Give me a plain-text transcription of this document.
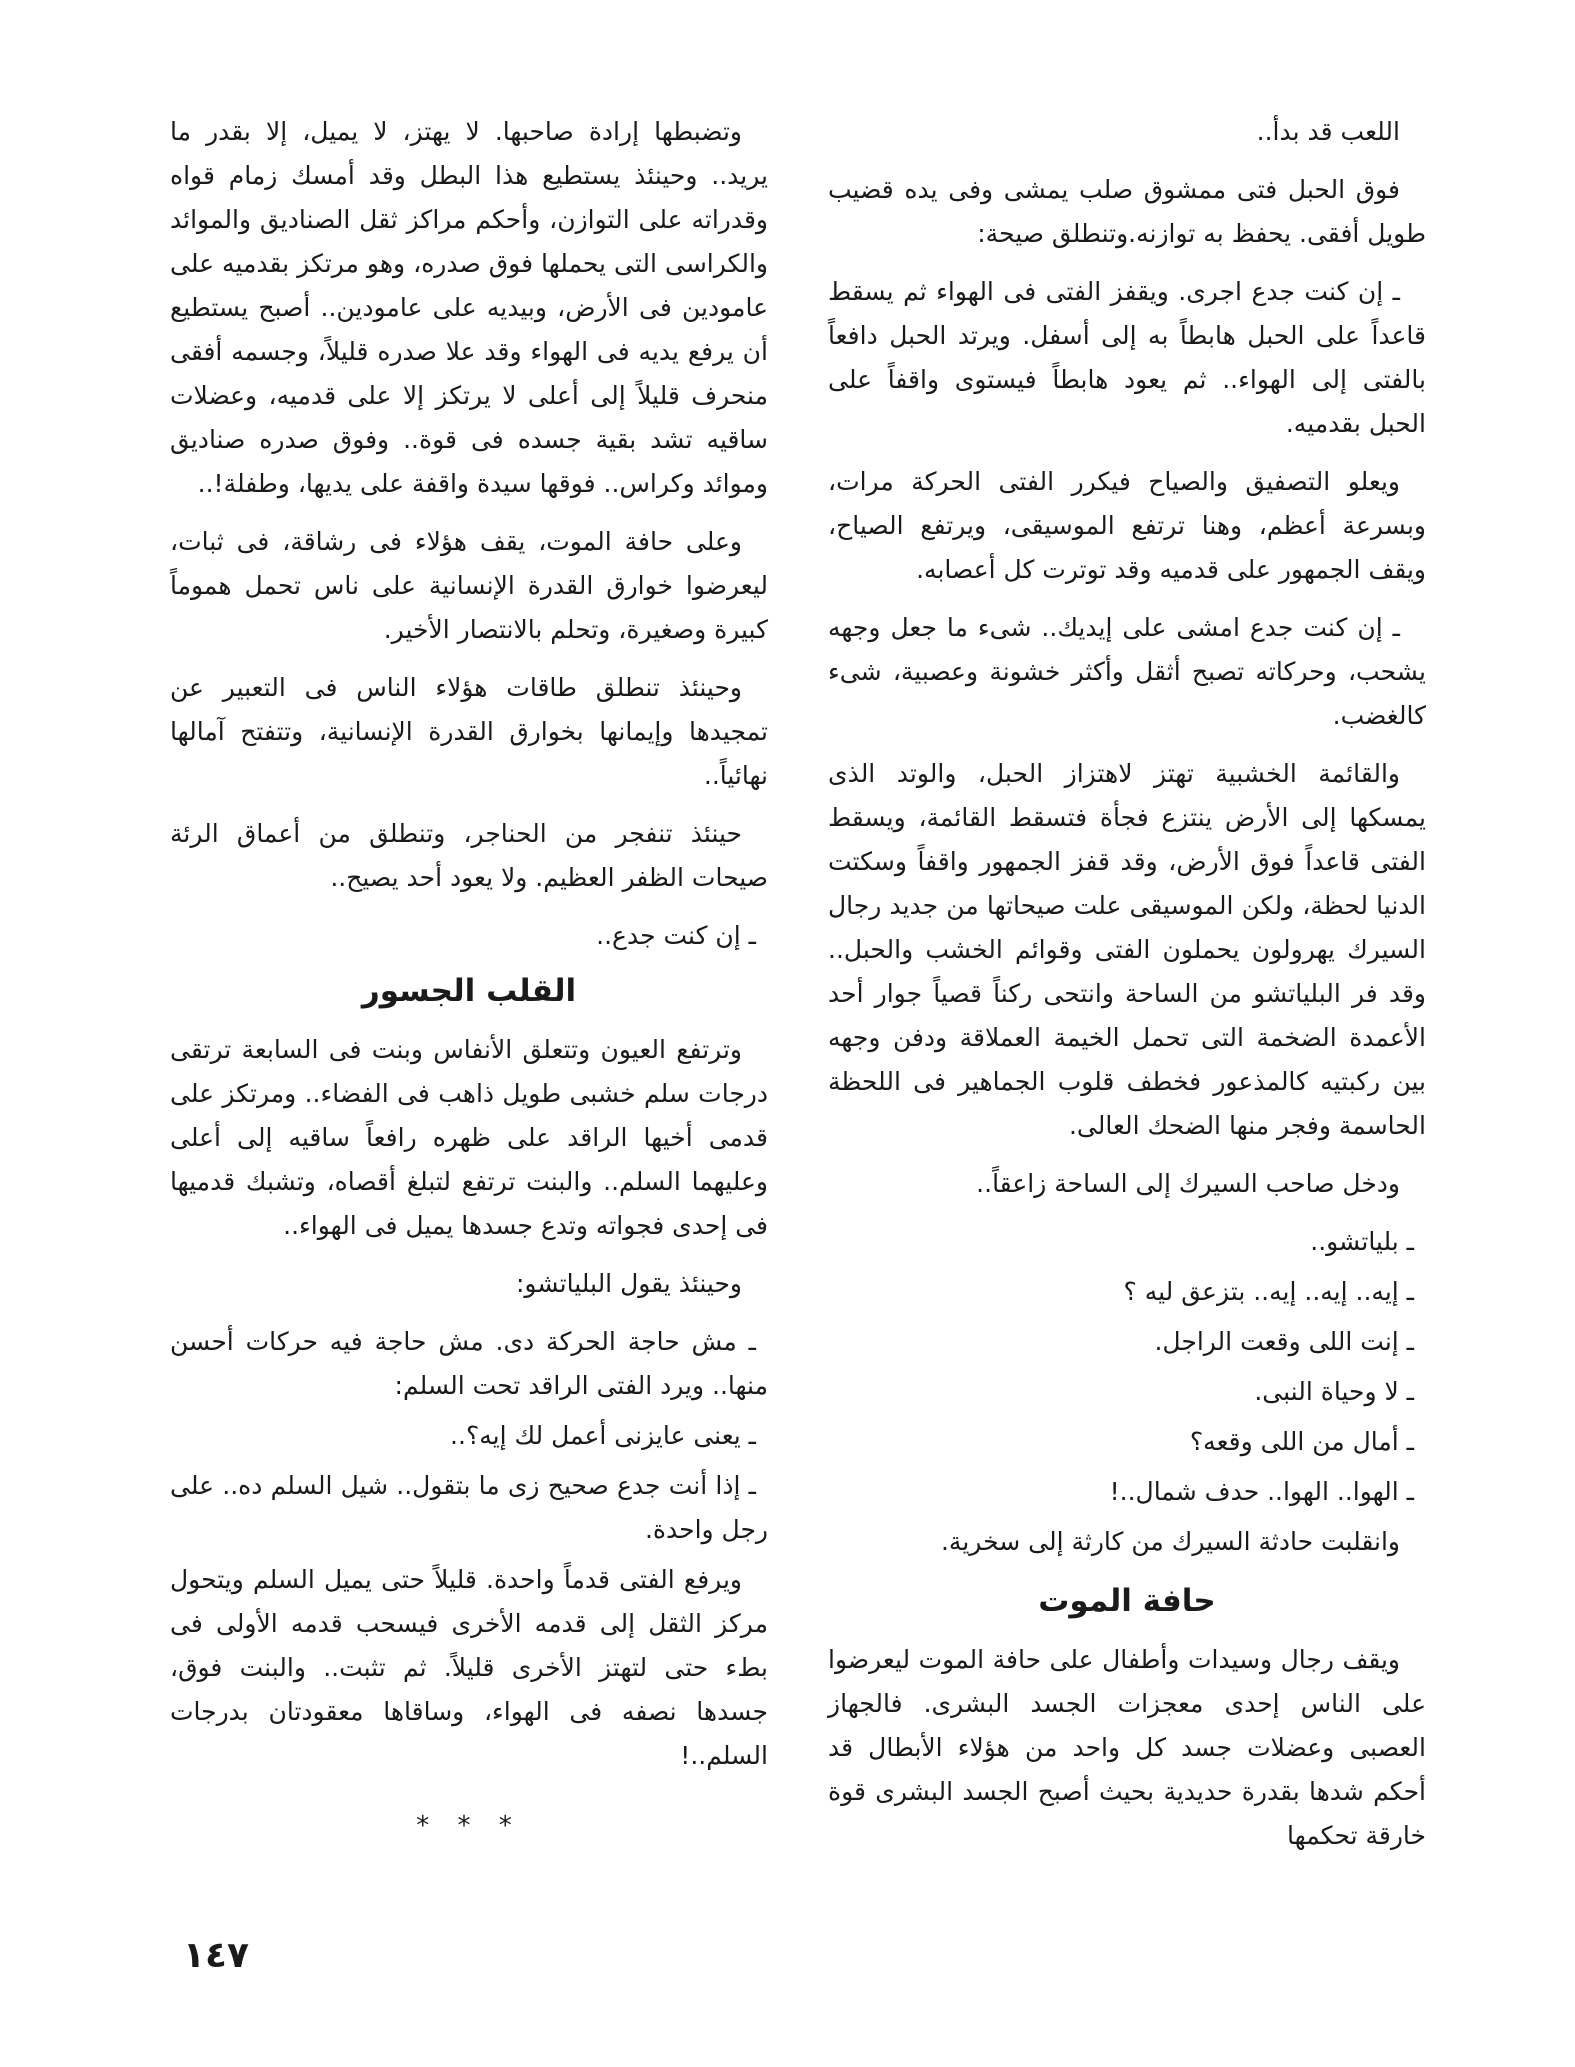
اللعب قد بدأ..

فوق الحبل فتى ممشوق صلب يمشى وفى يده قضيب طويل أفقى. يحفظ به توازنه.وتنطلق صيحة:

ـ إن كنت جدع اجرى. ويقفز الفتى فى الهواء ثم يسقط قاعداً على الحبل هابطاً به إلى أسفل. ويرتد الحبل دافعاً بالفتى إلى الهواء.. ثم يعود هابطاً فيستوى واقفاً على الحبل بقدميه.

ويعلو التصفيق والصياح فيكرر الفتى الحركة مرات، وبسرعة أعظم، وهنا ترتفع الموسيقى، ويرتفع الصياح، ويقف الجمهور على قدميه وقد توترت كل أعصابه.

ـ إن كنت جدع امشى على إيديك.. شىء ما جعل وجهه يشحب، وحركاته تصبح أثقل وأكثر خشونة وعصبية، شىء كالغضب.

والقائمة الخشبية تهتز لاهتزاز الحبل، والوتد الذى يمسكها إلى الأرض ينتزع فجأة فتسقط القائمة، ويسقط الفتى قاعداً فوق الأرض، وقد قفز الجمهور واقفاً وسكتت الدنيا لحظة، ولكن الموسيقى علت صيحاتها من جديد رجال السيرك يهرولون يحملون الفتى وقوائم الخشب والحبل.. وقد فر البلياتشو من الساحة وانتحى ركناً قصياً جوار أحد الأعمدة الضخمة التى تحمل الخيمة العملاقة ودفن وجهه بين ركبتيه كالمذعور فخطف قلوب الجماهير فى اللحظة الحاسمة وفجر منها الضحك العالى.

ودخل صاحب السيرك إلى الساحة زاعقاً..

ـ بلياتشو..

ـ إيه.. إيه.. إيه.. بتزعق ليه ؟

ـ إنت اللى وقعت الراجل.

ـ لا وحياة النبى.

ـ أمال من اللى وقعه؟

ـ الهوا.. الهوا.. حدف شمال..!

وانقلبت حادثة السيرك من كارثة إلى سخرية.

حافة الموت

ويقف رجال وسيدات وأطفال على حافة الموت ليعرضوا على الناس إحدى معجزات الجسد البشرى. فالجهاز العصبى وعضلات جسد كل واحد من هؤلاء الأبطال قد أحكم شدها بقدرة حديدية بحيث أصبح الجسد البشرى قوة خارقة تحكمها

وتضبطها إرادة صاحبها. لا يهتز، لا يميل، إلا بقدر ما يريد.. وحينئذ يستطيع هذا البطل وقد أمسك زمام قواه وقدراته على التوازن، وأحكم مراكز ثقل الصناديق والموائد والكراسى التى يحملها فوق صدره، وهو مرتكز بقدميه على عامودين فى الأرض، وبيديه على عامودين.. أصبح يستطيع أن يرفع يديه فى الهواء وقد علا صدره قليلاً، وجسمه أفقى منحرف قليلاً إلى أعلى لا يرتكز إلا على قدميه، وعضلات ساقيه تشد بقية جسده فى قوة.. وفوق صدره صناديق وموائد وكراس.. فوقها سيدة واقفة على يديها، وطفلة!..

وعلى حافة الموت، يقف هؤلاء فى رشاقة، فى ثبات، ليعرضوا خوارق القدرة الإنسانية على ناس تحمل هموماً كبيرة وصغيرة، وتحلم بالانتصار الأخير.

وحينئذ تنطلق طاقات هؤلاء الناس فى التعبير عن تمجيدها وإيمانها بخوارق القدرة الإنسانية، وتتفتح آمالها نهائياً..

حينئذ تنفجر من الحناجر، وتنطلق من أعماق الرئة صيحات الظفر العظيم. ولا يعود أحد يصيح..

ـ إن كنت جدع..

القلب الجسور

وترتفع العيون وتتعلق الأنفاس وبنت فى السابعة ترتقى درجات سلم خشبى طويل ذاهب فى الفضاء.. ومرتكز على قدمى أخيها الراقد على ظهره رافعاً ساقيه إلى أعلى وعليهما السلم.. والبنت ترتفع لتبلغ أقصاه، وتشبك قدميها فى إحدى فجواته وتدع جسدها يميل فى الهواء..

وحينئذ يقول البلياتشو:

ـ مش حاجة الحركة دى. مش حاجة فيه حركات أحسن منها.. ويرد الفتى الراقد تحت السلم:

ـ يعنى عايزنى أعمل لك إيه؟..

ـ إذا أنت جدع صحيح زى ما بتقول.. شيل السلم ده.. على رجل واحدة.

ويرفع الفتى قدماً واحدة. قليلاً حتى يميل السلم ويتحول مركز الثقل إلى قدمه الأخرى فيسحب قدمه الأولى فى بطء حتى لتهتز الأخرى قليلاً. ثم تثبت.. والبنت فوق، جسدها نصفه فى الهواء، وساقاها معقودتان بدرجات السلم..!

* * *
١٤٧
